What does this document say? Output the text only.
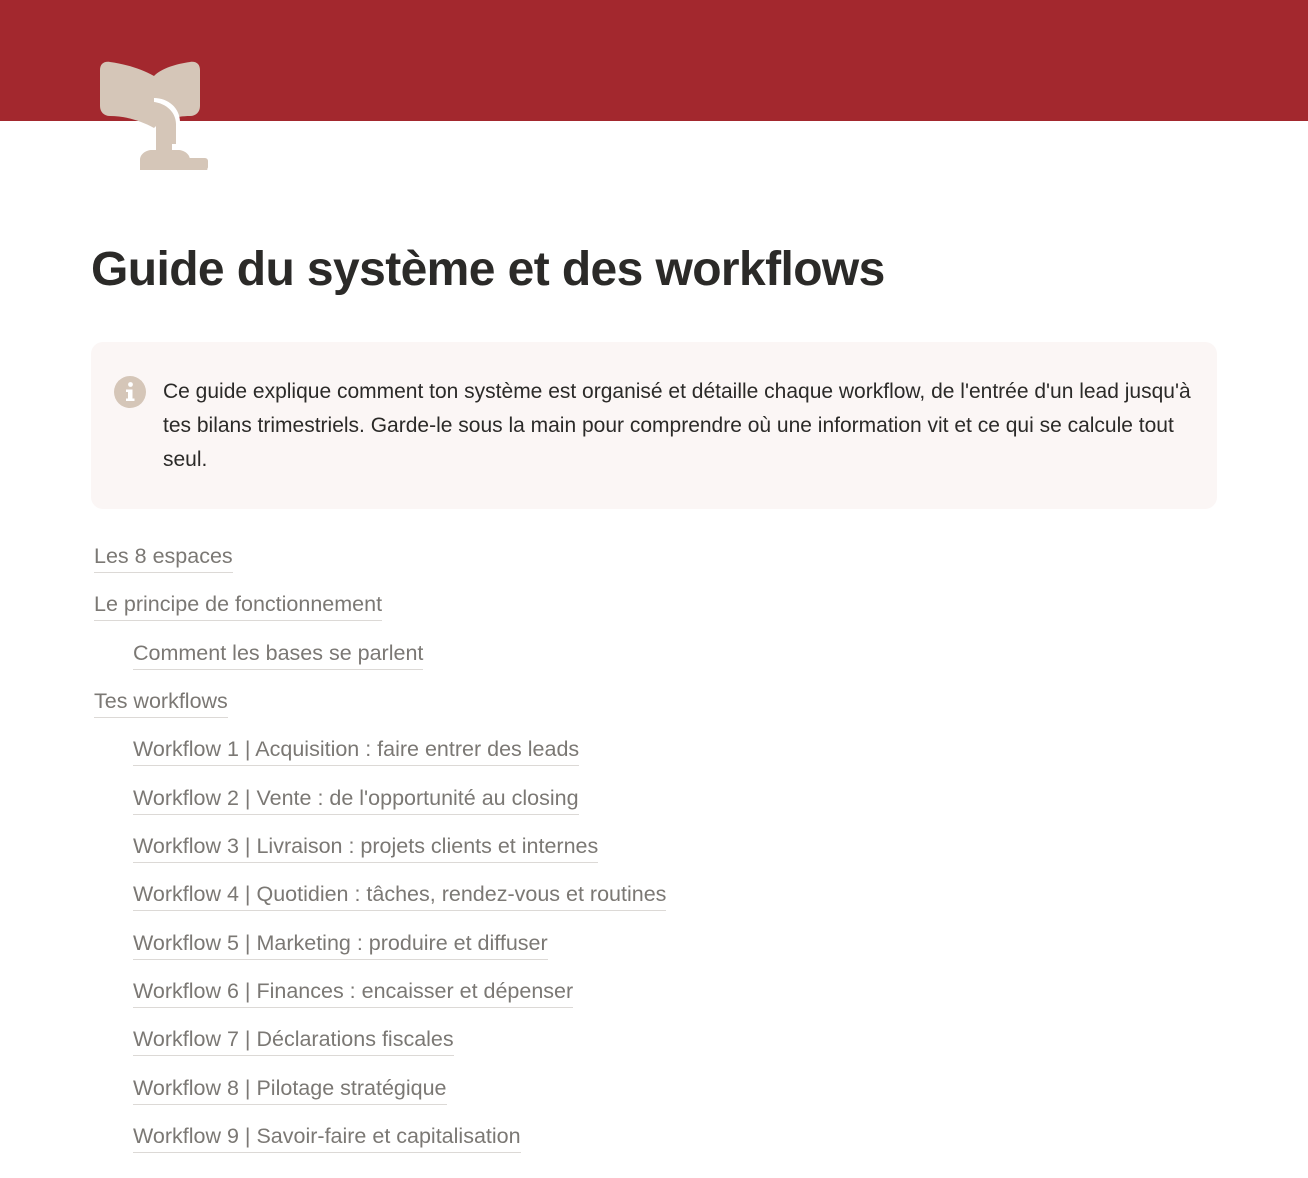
Guide du système et des workflows

Ce guide explique comment ton système est organisé et détaille chaque workflow, de l'entrée d'un lead jusqu'à tes bilans trimestriels. Garde-le sous la main pour comprendre où une information vit et ce qui se calcule tout seul.

Les 8 espaces
Le principe de fonctionnement
Comment les bases se parlent
Tes workflows
Workflow 1 | Acquisition : faire entrer des leads
Workflow 2 | Vente : de l'opportunité au closing
Workflow 3 | Livraison : projets clients et internes
Workflow 4 | Quotidien : tâches, rendez-vous et routines
Workflow 5 | Marketing : produire et diffuser
Workflow 6 | Finances : encaisser et dépenser
Workflow 7 | Déclarations fiscales
Workflow 8 | Pilotage stratégique
Workflow 9 | Savoir-faire et capitalisation
